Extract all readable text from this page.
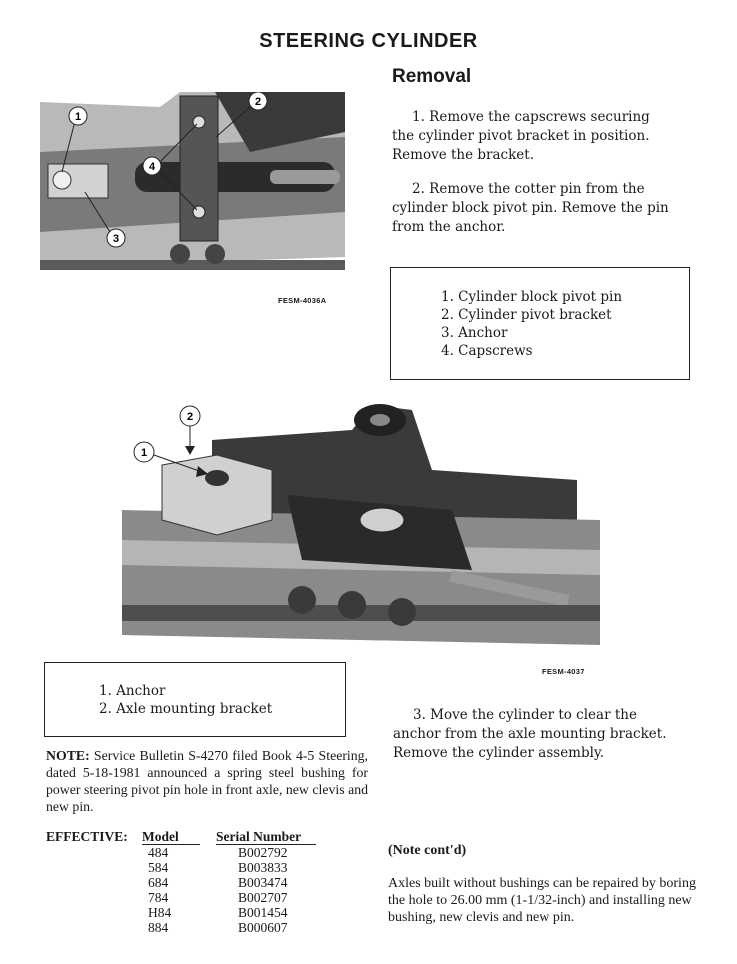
STEERING CYLINDER
Removal
1
2
4
3
FESM-4036A

1. Remove the capscrews securing the cylinder pivot bracket in position. Remove the bracket.

2. Remove the cotter pin from the cylinder block pivot pin. Remove the pin from the anchor.

1. Cylinder block pivot pin
2. Cylinder pivot bracket
3. Anchor
4. Capscrews
2
1
FESM-4037
1. Anchor
2. Axle mounting bracket	3. Move the cylinder to clear the anchor from the axle mounting bracket. Remove the cylinder assembly.

NOTE: Service Bulletin S-4270 filed Book 4-5 Steering, dated 5-18-1981 announced a spring steel bushing for power steering pivot pin hole in front axle, new clevis and new pin.
EFFECTIVE:	Model		Serial Number
	484		B002792
	584		B003833
	684		B003474
	784		B002707
	H84		B001454
	884		B000607
(Note cont'd)
Axles built without bushings can be repaired by boring the hole to 26.00 mm (1-1/32-inch) and installing new bushing, new clevis and new pin.
